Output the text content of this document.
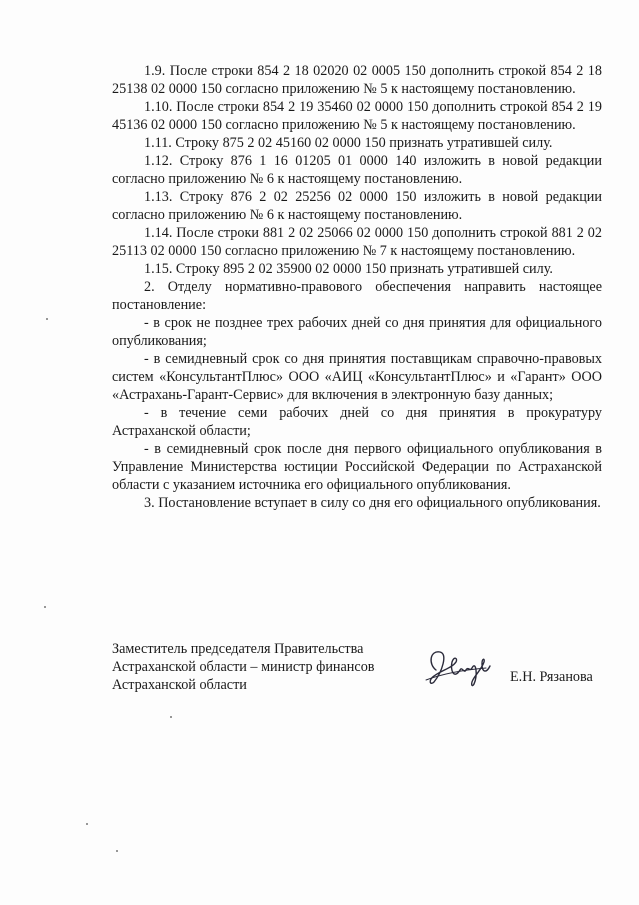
1.9. После строки 854 2 18 02020 02 0005 150 дополнить строкой 854 2 18 25138 02 0000 150 согласно приложению № 5 к настоящему постановлению.

1.10. После строки 854 2 19 35460 02 0000 150 дополнить строкой 854 2 19 45136 02 0000 150 согласно приложению № 5 к настоящему постановлению.

1.11. Строку 875 2 02 45160 02 0000 150 признать утратившей силу.

1.12. Строку 876 1 16 01205 01 0000 140 изложить в новой редакции согласно приложению № 6 к настоящему постановлению.

1.13. Строку 876 2 02 25256 02 0000 150 изложить в новой редакции согласно приложению № 6 к настоящему постановлению.

1.14. После строки 881 2 02 25066 02 0000 150 дополнить строкой 881 2 02 25113 02 0000 150 согласно приложению № 7 к настоящему постановлению.

1.15. Строку 895 2 02 35900 02 0000 150 признать утратившей силу.

2. Отделу нормативно-правового обеспечения направить настоящее постановление:

- в срок не позднее трех рабочих дней со дня принятия для официального опубликования;

- в семидневный срок со дня принятия поставщикам справочно-правовых систем «КонсультантПлюс» ООО «АИЦ «КонсультантПлюс» и «Гарант» ООО «Астрахань-Гарант-Сервис» для включения в электронную базу данных;

- в течение семи рабочих дней со дня принятия в прокуратуру Астраханской области;

- в семидневный срок после дня первого официального опубликования в Управление Министерства юстиции Российской Федерации по Астраханской области с указанием источника его официального опубликования.

3. Постановление вступает в силу со дня его официального опубликования.

Заместитель председателя Правительства
Астраханской области – министр финансов
Астраханской области	Е.Н. Рязанова
